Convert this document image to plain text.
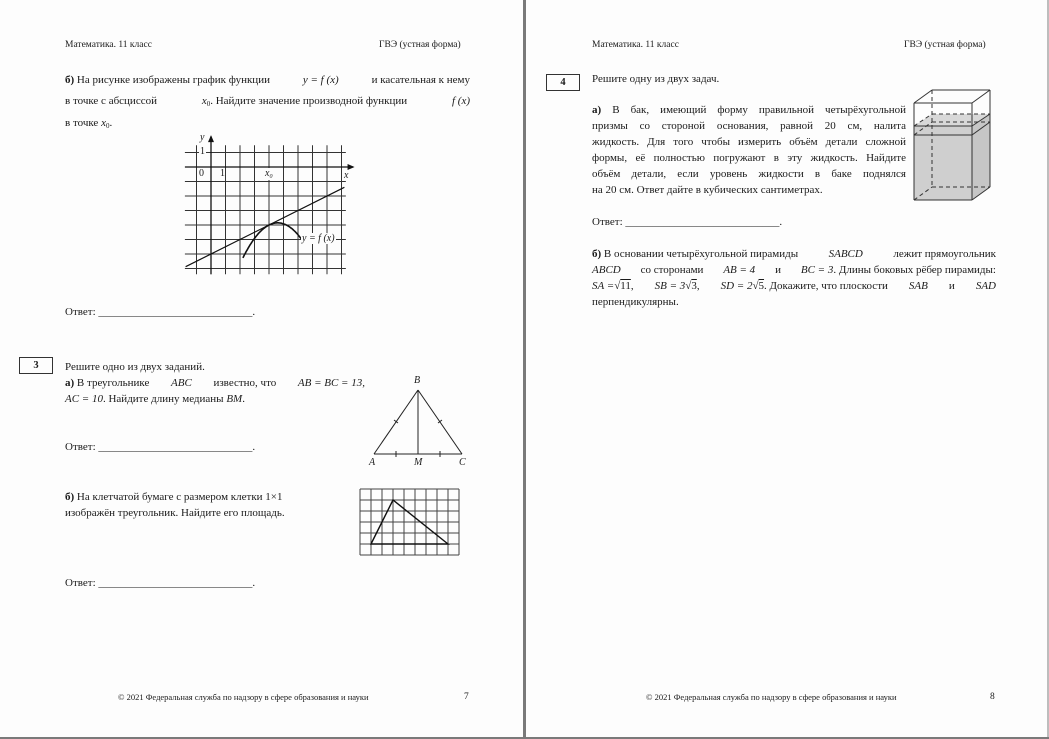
Математика. 11 класс	ГВЭ (устная форма)
б) На рисунке изображены график функции	y = f (x)	и касательная к нему
в точке с абсциссой	$x_0$. Найдите значение производной функции	f (x)
в точке $x_0$.
y
x
0 1
1
$x_0$
y = f (x)
Ответ: ____________________________.
3	Решите одно из двух заданий.
а) В треугольнике ABC известно, что AB = BC = 13,
AC = 10. Найдите длину медианы BM.
B
A	M	C
Ответ: ____________________________.
б) На клетчатой бумаге с размером клетки 1×1
изображён треугольник. Найдите его площадь.
Ответ: ____________________________.
© 2021 Федеральная служба по надзору в сфере образования и науки	7
Математика. 11 класс	ГВЭ (устная форма)
4	Решите одну из двух задач.
а) В бак, имеющий форму правильной четырёхугольной
призмы со стороной основания, равной 20 см, налита
жидкость. Для того чтобы измерить объём детали сложной
формы, её полностью погружают в эту жидкость. Найдите
объём детали, если уровень жидкости в баке поднялся
на 20 см. Ответ дайте в кубических сантиметрах.
Ответ: ____________________________.
б) В основании четырёхугольной пирамиды	SABCD	лежит прямоугольник
ABCD со сторонами AB = 4 и BC = 3. Длины боковых рёбер пирамиды:
SA =√11, SB = 3√3, SD = 2√5. Докажите, что плоскости SAB и SAD
перпендикулярны.
© 2021 Федеральная служба по надзору в сфере образования и науки	8
